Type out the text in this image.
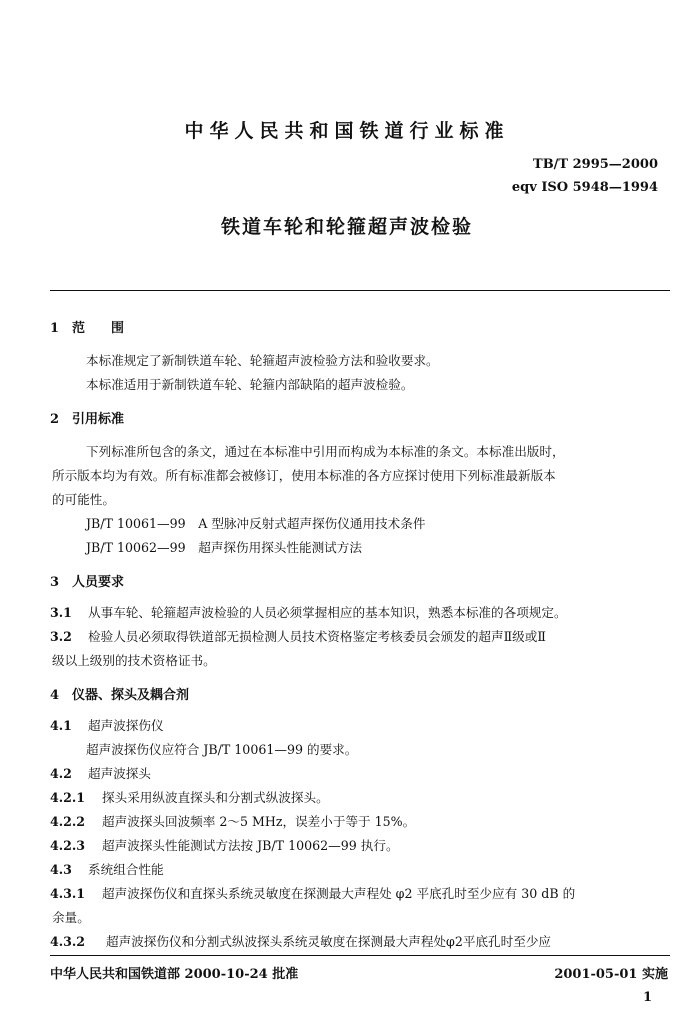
中华人民共和国铁道行业标准
TB/T 2995—2000
eqv ISO 5948—1994
铁道车轮和轮箍超声波检验
1　范　　围
本标准规定了新制铁道车轮、轮箍超声波检验方法和验收要求。
本标准适用于新制铁道车轮、轮箍内部缺陷的超声波检验。
2　引用标准
下列标准所包含的条文，通过在本标准中引用而构成为本标准的条文。本标准出版时，
所示版本均为有效。所有标准都会被修订，使用本标准的各方应探讨使用下列标准最新版本
的可能性。
JB/T 10061—99　A 型脉冲反射式超声探伤仪通用技术条件
JB/T 10062—99　超声探伤用探头性能测试方法
3　人员要求
3.1 从事车轮、轮箍超声波检验的人员必须掌握相应的基本知识，熟悉本标准的各项规定。
3.2 检验人员必须取得铁道部无损检测人员技术资格鉴定考核委员会颁发的超声Ⅱ级或Ⅱ
级以上级别的技术资格证书。
4　仪器、探头及耦合剂
4.1 超声波探伤仪
超声波探伤仪应符合 JB/T 10061—99 的要求。
4.2 超声波探头
4.2.1 探头采用纵波直探头和分割式纵波探头。
4.2.2 超声波探头回波频率 2～5 MHz，误差小于等于 15%。
4.2.3 超声波探头性能测试方法按 JB/T 10062—99 执行。
4.3 系统组合性能
4.3.1 超声波探伤仪和直探头系统灵敏度在探测最大声程处 φ2 平底孔时至少应有 30 dB 的
余量。
4.3.2 超声波探伤仪和分割式纵波探头系统灵敏度在探测最大声程处φ2平底孔时至少应
中华人民共和国铁道部 2000-10-24 批准	2001-05-01 实施
1
